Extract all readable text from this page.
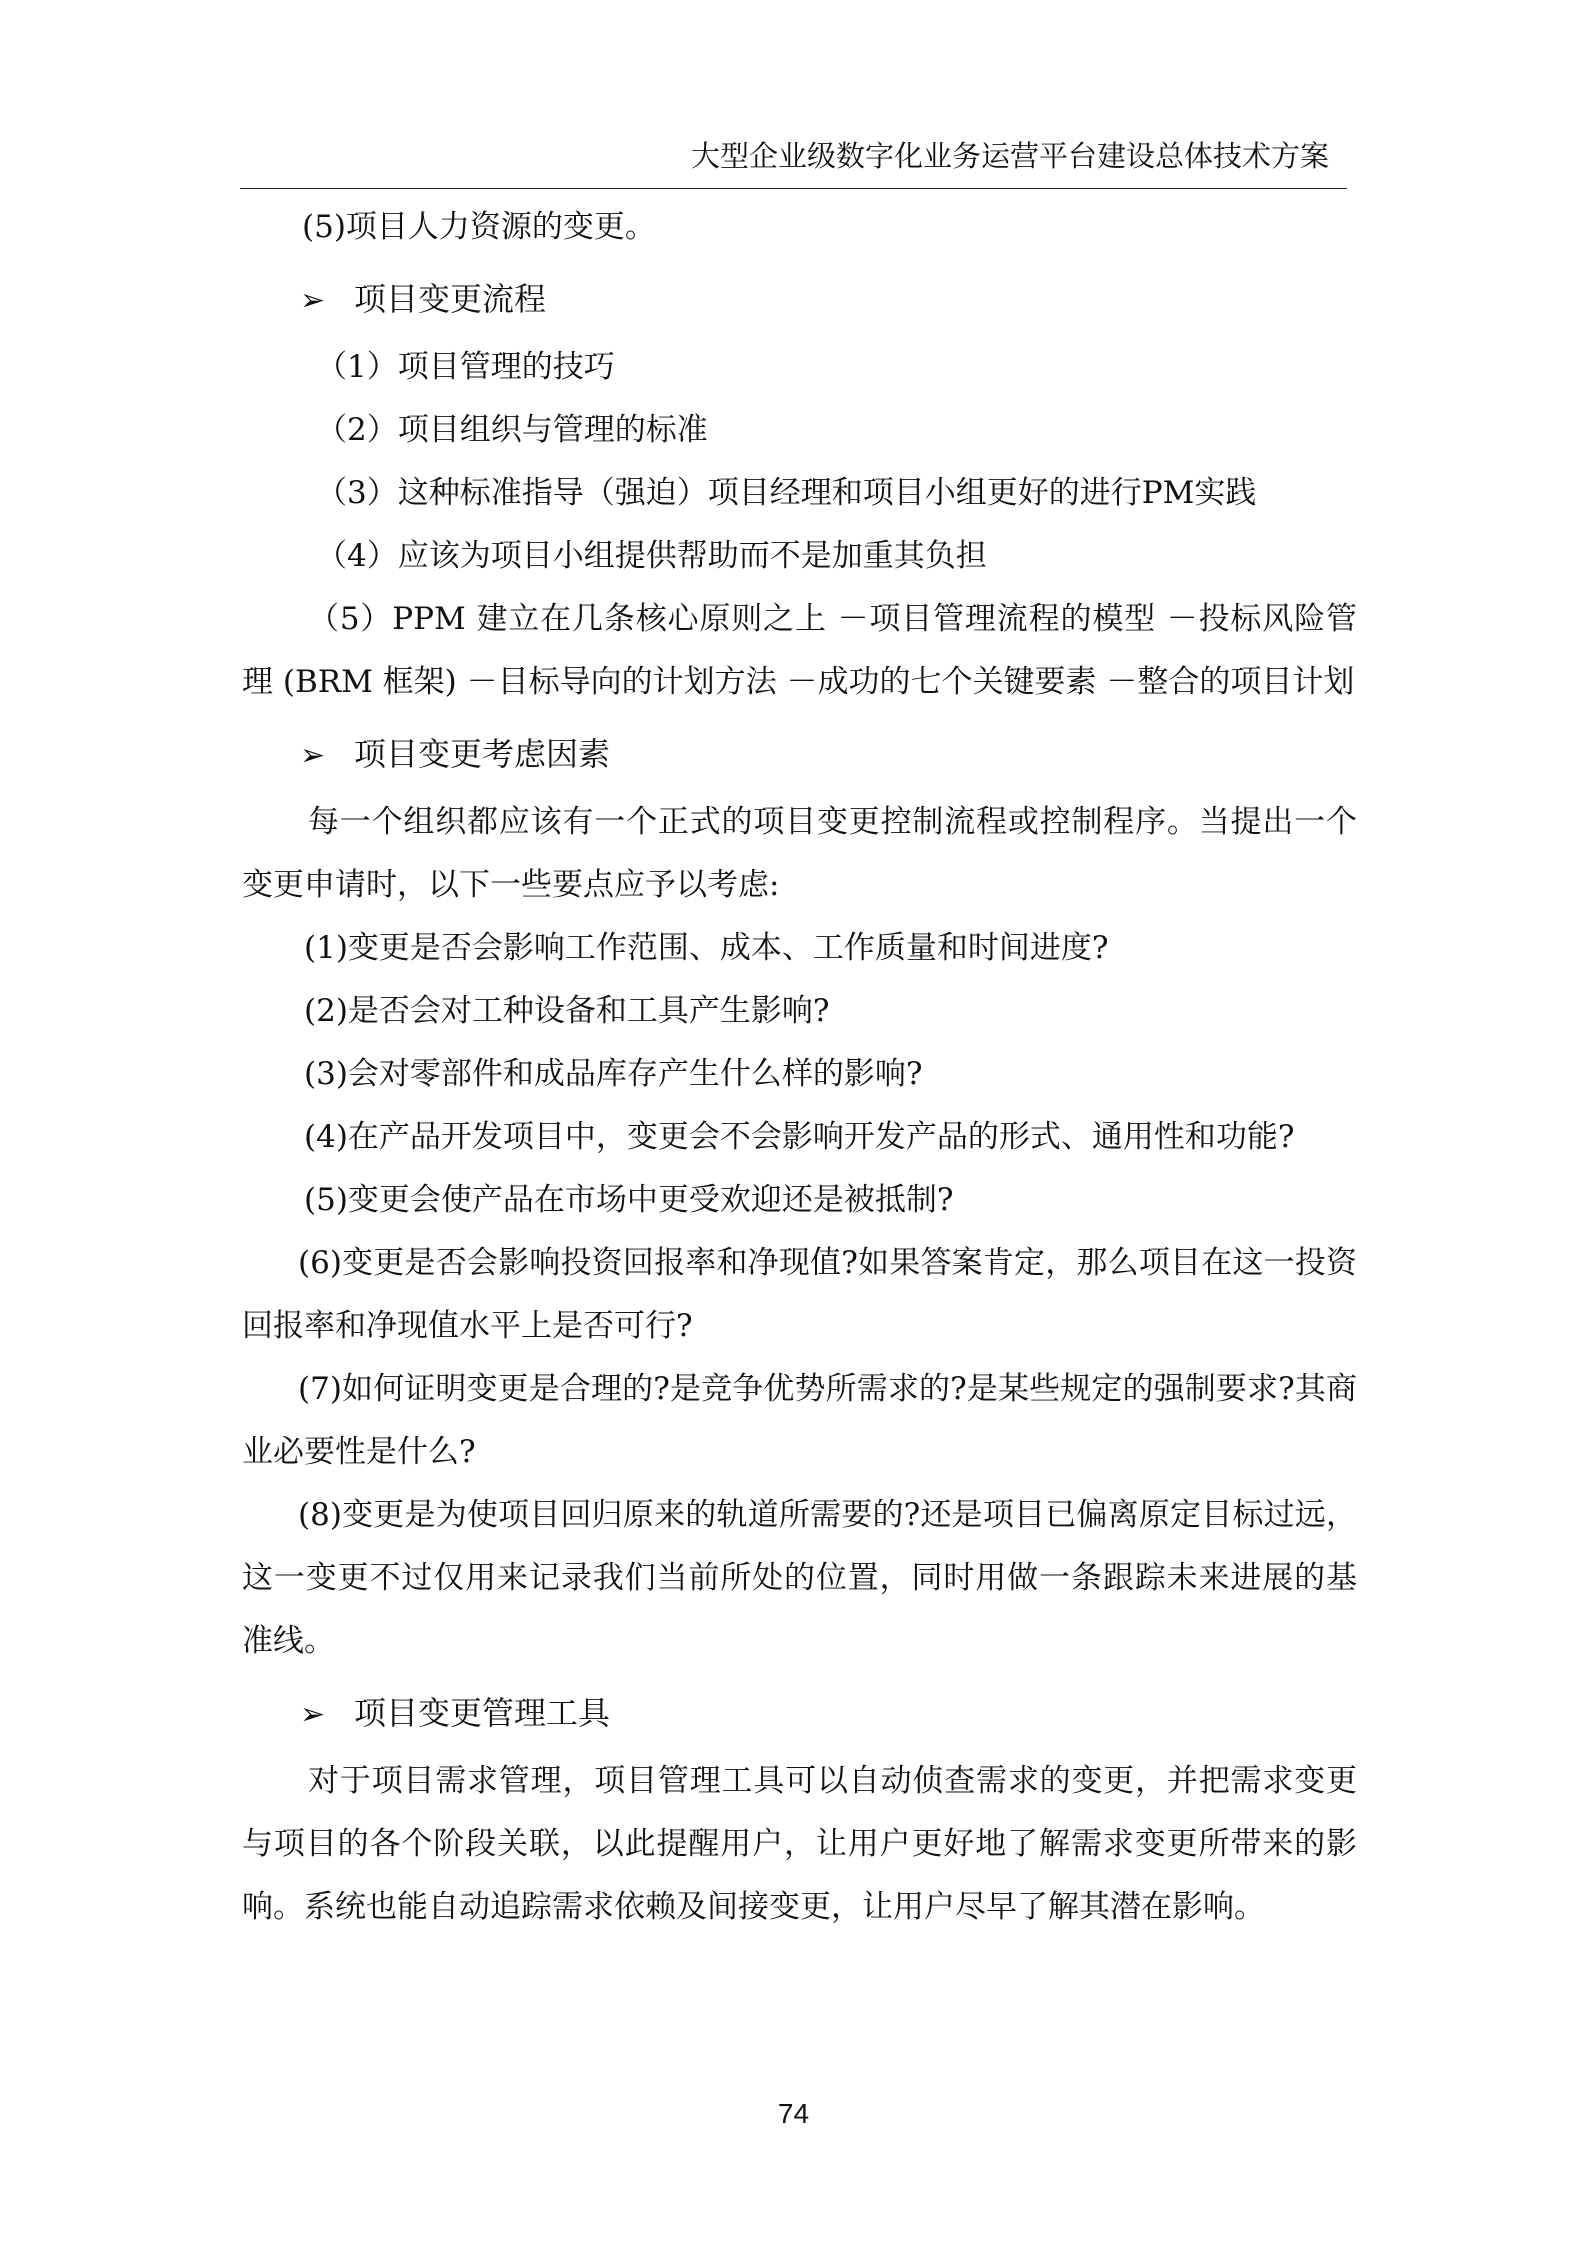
大型企业级数字化业务运营平台建设总体技术方案
(5)项目人力资源的变更。
➢ 项目变更流程
（1）项目管理的技巧
（2）项目组织与管理的标准
（3）这种标准指导（强迫）项目经理和项目小组更好的进行PM实践
（4）应该为项目小组提供帮助而不是加重其负担
（5）PPM 建立在几条核心原则之上 －项目管理流程的模型 －投标风险管理 (BRM 框架) －目标导向的计划方法 －成功的七个关键要素 －整合的项目计划
➢ 项目变更考虑因素
每一个组织都应该有一个正式的项目变更控制流程或控制程序。当提出一个变更申请时，以下一些要点应予以考虑:
(1)变更是否会影响工作范围、成本、工作质量和时间进度?
(2)是否会对工种设备和工具产生影响?
(3)会对零部件和成品库存产生什么样的影响?
(4)在产品开发项目中，变更会不会影响开发产品的形式、通用性和功能?
(5)变更会使产品在市场中更受欢迎还是被抵制?
(6)变更是否会影响投资回报率和净现值?如果答案肯定，那么项目在这一投资回报率和净现值水平上是否可行?
(7)如何证明变更是合理的?是竞争优势所需求的?是某些规定的强制要求?其商业必要性是什么?
(8)变更是为使项目回归原来的轨道所需要的?还是项目已偏离原定目标过远，这一变更不过仅用来记录我们当前所处的位置，同时用做一条跟踪未来进展的基准线。
➢ 项目变更管理工具
对于项目需求管理，项目管理工具可以自动侦查需求的变更，并把需求变更与项目的各个阶段关联，以此提醒用户，让用户更好地了解需求变更所带来的影响。系统也能自动追踪需求依赖及间接变更，让用户尽早了解其潜在影响。
74
